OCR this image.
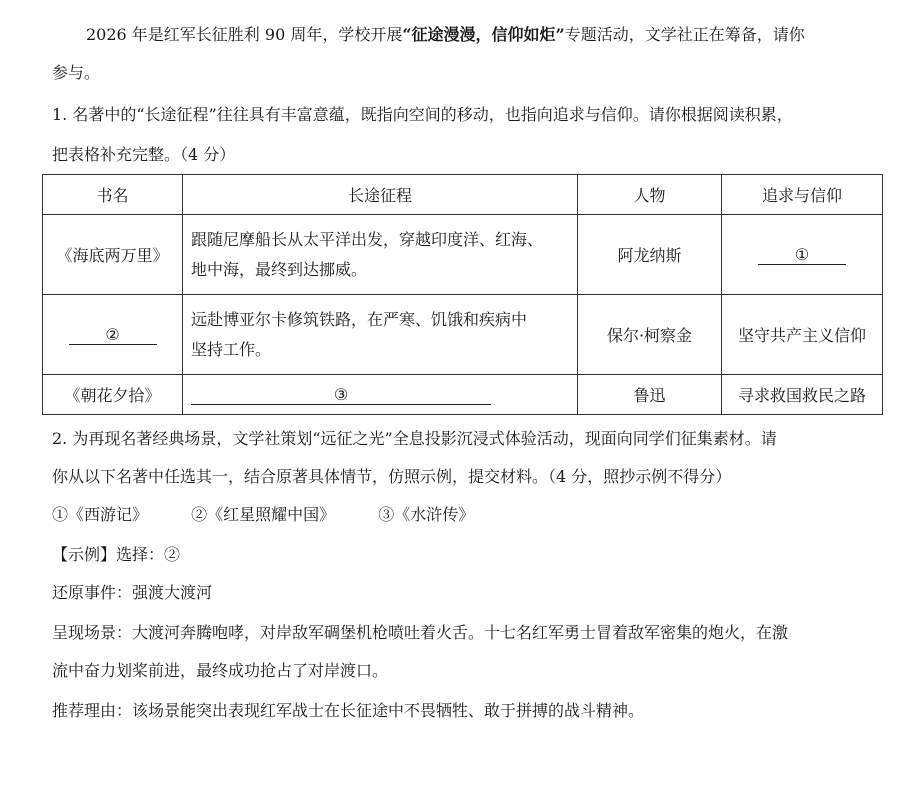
2026 年是红军长征胜利 90 周年，学校开展“征途漫漫，信仰如炬”专题活动，文学社正在筹备，请你
参与。
1. 名著中的“长途征程”往往具有丰富意蕴，既指向空间的移动，也指向追求与信仰。请你根据阅读积累，
把表格补充完整。（4 分）
书名	长途征程	人物	追求与信仰
《海底两万里》	跟随尼摩船长从太平洋出发，穿越印度洋、红海、
地中海，最终到达挪威。	阿龙纳斯	①
②	远赴博亚尔卡修筑铁路，在严寒、饥饿和疾病中
坚持工作。	保尔·柯察金	坚守共产主义信仰
《朝花夕拾》	③	鲁迅	寻求救国救民之路
2. 为再现名著经典场景，文学社策划“远征之光”全息投影沉浸式体验活动，现面向同学们征集素材。请
你从以下名著中任选其一，结合原著具体情节，仿照示例，提交材料。（4 分，照抄示例不得分）
①《西游记》	②《红星照耀中国》	③《水浒传》
【示例】选择：②
还原事件：强渡大渡河
呈现场景：大渡河奔腾咆哮，对岸敌军碉堡机枪喷吐着火舌。十七名红军勇士冒着敌军密集的炮火，在激
流中奋力划桨前进，最终成功抢占了对岸渡口。
推荐理由：该场景能突出表现红军战士在长征途中不畏牺牲、敢于拼搏的战斗精神。
